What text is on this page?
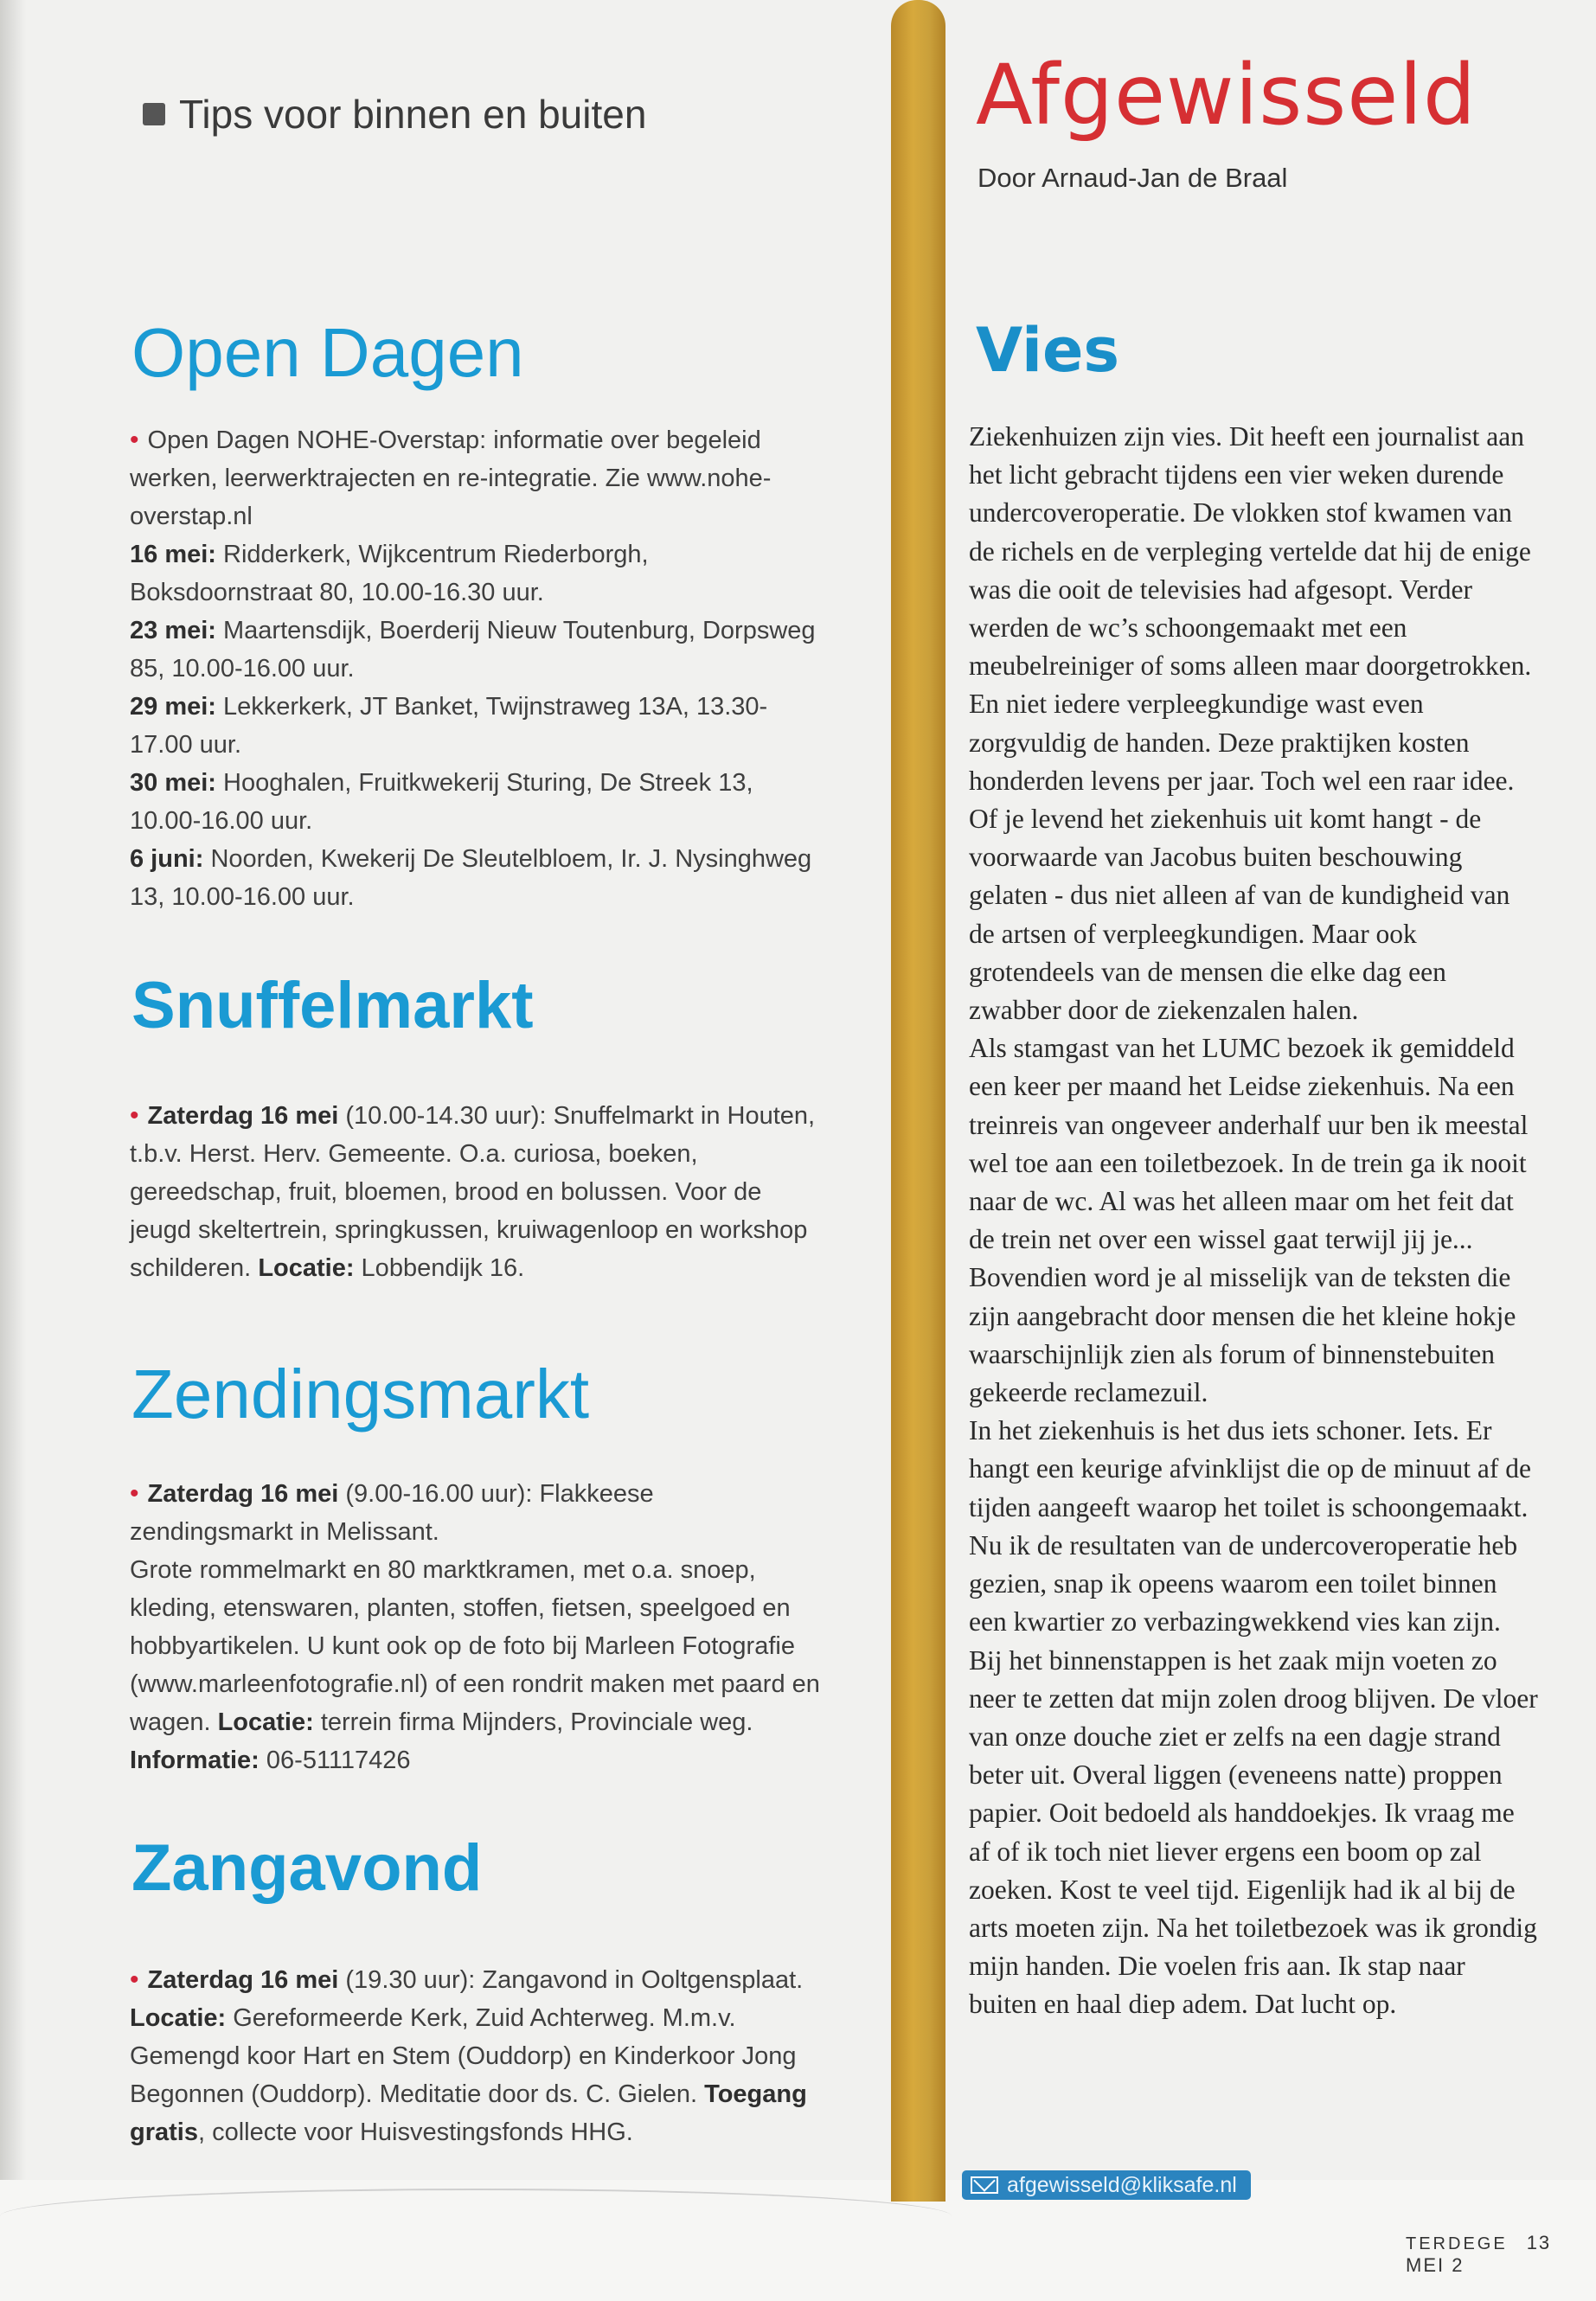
Tips voor binnen en buiten
Open Dagen

• Open Dagen NOHE-Overstap: informatie over begeleid werken, leerwerktrajecten en re-integratie. Zie www.nohe-overstap.nl

16 mei: Ridderkerk, Wijkcentrum Riederborgh, Boksdoornstraat 80, 10.00-16.30 uur.

23 mei: Maartensdijk, Boerderij Nieuw Toutenburg, Dorpsweg 85, 10.00-16.00 uur.

29 mei: Lekkerkerk, JT Banket, Twijnstraweg 13A, 13.30-17.00 uur.

30 mei: Hooghalen, Fruitkwekerij Sturing, De Streek 13, 10.00-16.00 uur.

6 juni: Noorden, Kwekerij De Sleutelbloem, Ir. J. Nysinghweg 13, 10.00-16.00 uur.

Snuffelmarkt

• Zaterdag 16 mei (10.00-14.30 uur): Snuffelmarkt in Houten, t.b.v. Herst. Herv. Gemeente. O.a. curiosa, boeken, gereedschap, fruit, bloemen, brood en bolussen. Voor de jeugd skeltertrein, springkussen, kruiwagenloop en workshop schilderen. Locatie: Lobbendijk 16.

Zendingsmarkt

• Zaterdag 16 mei (9.00-16.00 uur): Flakkeese zendingsmarkt in Melissant.

Grote rommelmarkt en 80 marktkramen, met o.a. snoep, kleding, etenswaren, planten, stoffen, fietsen, speelgoed en hobbyartikelen. U kunt ook op de foto bij Marleen Fotografie (www.marleenfotografie.nl) of een rondrit maken met paard en wagen. Locatie: terrein firma Mijnders, Provinciale weg. Informatie: 06-51117426

Zangavond

• Zaterdag 16 mei (19.30 uur): Zangavond in Ooltgensplaat. Locatie: Gereformeerde Kerk, Zuid Achterweg. M.m.v. Gemengd koor Hart en Stem (Ouddorp) en Kinderkoor Jong Begonnen (Ouddorp). Meditatie door ds. C. Gielen. Toegang gratis, collecte voor Huisvestingsfonds HHG.

Afgewisseld
Door Arnaud-Jan de Braal
Vies

Ziekenhuizen zijn vies. Dit heeft een journalist aan het licht gebracht tijdens een vier weken durende undercoveroperatie. De vlokken stof kwamen van de richels en de verpleging vertelde dat hij de enige was die ooit de televisies had afgesopt. Verder werden de wc’s schoongemaakt met een meubelreiniger of soms alleen maar doorgetrokken. En niet iedere verpleegkundige wast even zorgvuldig de handen. Deze praktijken kosten honderden levens per jaar. Toch wel een raar idee. Of je levend het ziekenhuis uit komt hangt - de voorwaarde van Jacobus buiten beschouwing gelaten - dus niet alleen af van de kundigheid van de artsen of verpleegkundigen. Maar ook grotendeels van de mensen die elke dag een zwabber door de ziekenzalen halen.

Als stamgast van het LUMC bezoek ik gemiddeld een keer per maand het Leidse ziekenhuis. Na een treinreis van ongeveer anderhalf uur ben ik meestal wel toe aan een toiletbezoek. In de trein ga ik nooit naar de wc. Al was het alleen maar om het feit dat de trein net over een wissel gaat terwijl jij je... Bovendien word je al misselijk van de teksten die zijn aangebracht door mensen die het kleine hokje waarschijnlijk zien als forum of binnenstebuiten gekeerde reclamezuil.

In het ziekenhuis is het dus iets schoner. Iets. Er hangt een keurige afvinklijst die op de minuut af de tijden aangeeft waarop het toilet is schoongemaakt. Nu ik de resultaten van de undercoveroperatie heb gezien, snap ik opeens waarom een toilet binnen een kwartier zo verbazingwekkend vies kan zijn. Bij het binnenstappen is het zaak mijn voeten zo neer te zetten dat mijn zolen droog blijven. De vloer van onze douche ziet er zelfs na een dagje strand beter uit. Overal liggen (eveneens natte) proppen papier. Ooit bedoeld als handdoekjes. Ik vraag me af of ik toch niet liever ergens een boom op zal zoeken. Kost te veel tijd. Eigenlijk had ik al bij de arts moeten zijn. Na het toiletbezoek was ik grondig mijn handen. Die voelen fris aan. Ik stap naar buiten en haal diep adem. Dat lucht op.

afgewisseld@kliksafe.nl
TERDEGE 13 MEI 2
